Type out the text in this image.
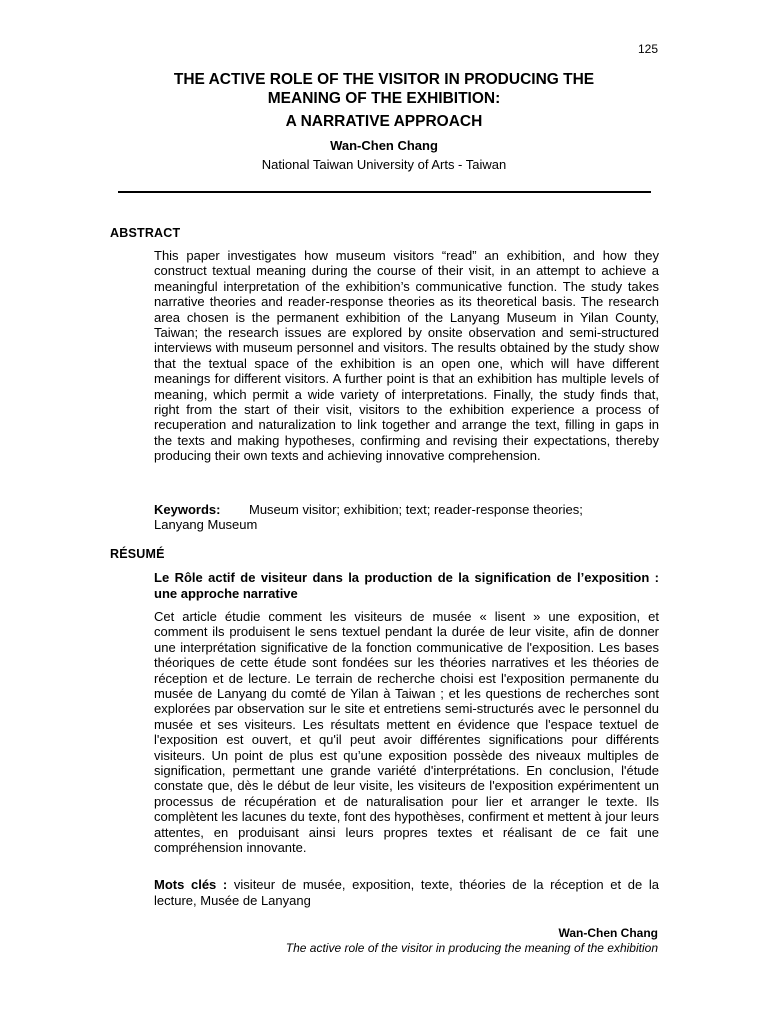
125
THE ACTIVE ROLE OF THE VISITOR IN PRODUCING THE
MEANING OF THE EXHIBITION:
A NARRATIVE APPROACH
Wan-Chen Chang
National Taiwan University of Arts - Taiwan
ABSTRACT

This paper investigates how museum visitors “read” an exhibition, and how they construct textual meaning during the course of their visit, in an attempt to achieve a meaningful interpretation of the exhibition’s communicative function. The study takes narrative theories and reader-response theories as its theoretical basis. The research area chosen is the permanent exhibition of the Lanyang Museum in Yilan County, Taiwan; the research issues are explored by onsite observation and semi-structured interviews with museum personnel and visitors. The results obtained by the study show that the textual space of the exhibition is an open one, which will have different meanings for different visitors. A further point is that an exhibition has multiple levels of meaning, which permit a wide variety of interpretations. Finally, the study finds that, right from the start of their visit, visitors to the exhibition experience a process of recuperation and naturalization to link together and arrange the text, filling in gaps in the texts and making hypotheses, confirming and revising their expectations, thereby producing their own texts and achieving innovative comprehension.

Keywords: Museum visitor; exhibition; text; reader-response theories;
Lanyang Museum
RÉSUMÉ
Le Rôle actif de visiteur dans la production de la signification de l’exposition : une approche narrative

Cet article étudie comment les visiteurs de musée « lisent » une exposition, et comment ils produisent le sens textuel pendant la durée de leur visite, afin de donner une interprétation significative de la fonction communicative de l'exposition. Les bases théoriques de cette étude sont fondées sur les théories narratives et les théories de réception et de lecture. Le terrain de recherche choisi est l'exposition permanente du musée de Lanyang du comté de Yilan à Taiwan ; et les questions de recherches sont explorées par observation sur le site et entretiens semi-structurés avec le personnel du musée et ses visiteurs. Les résultats mettent en évidence que l'espace textuel de l'exposition est ouvert, et qu'il peut avoir différentes significations pour différents visiteurs. Un point de plus est qu’une exposition possède des niveaux multiples de signification, permettant une grande variété d'interprétations. En conclusion, l'étude constate que, dès le début de leur visite, les visiteurs de l'exposition expérimentent un processus de récupération et de naturalisation pour lier et arranger le texte. Ils complètent les lacunes du texte, font des hypothèses, confirment et mettent à jour leurs attentes, en produisant ainsi leurs propres textes et réalisant de ce fait une compréhension innovante.

Mots clés : visiteur de musée, exposition, texte, théories de la réception et de la lecture, Musée de Lanyang
Wan-Chen Chang
The active role of the visitor in producing the meaning of the exhibition
